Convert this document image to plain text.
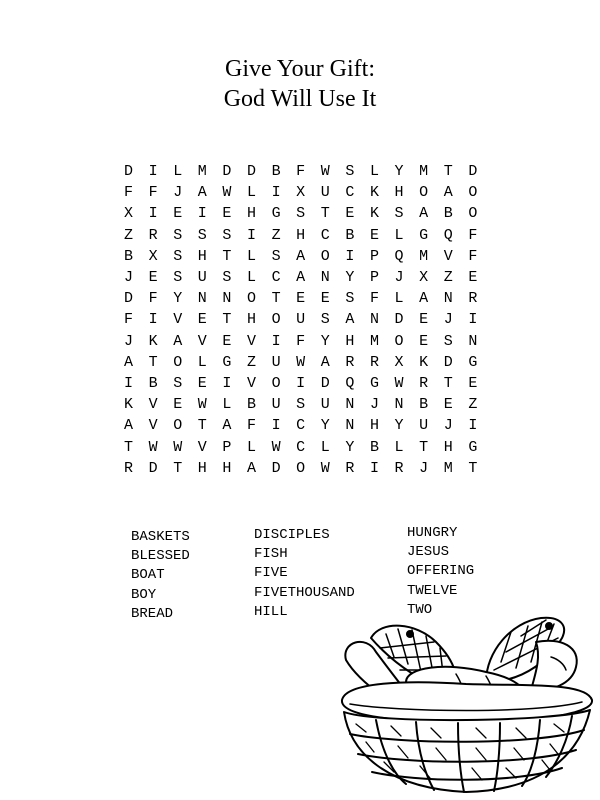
Give Your Gift:
God Will Use It
D	I	L	M	D	D	B	F	W	S	L	Y	M	T	D
F	F	J	A	W	L	I	X	U	C	K	H	O	A	O
X	I	E	I	E	H	G	S	T	E	K	S	A	B	O
Z	R	S	S	S	I	Z	H	C	B	E	L	G	Q	F
B	X	S	H	T	L	S	A	O	I	P	Q	M	V	F
J	E	S	U	S	L	C	A	N	Y	P	J	X	Z	E
D	F	Y	N	N	O	T	E	E	S	F	L	A	N	R
F	I	V	E	T	H	O	U	S	A	N	D	E	J	I
J	K	A	V	E	V	I	F	Y	H	M	O	E	S	N
A	T	O	L	G	Z	U	W	A	R	R	X	K	D	G
I	B	S	E	I	V	O	I	D	Q	G	W	R	T	E
K	V	E	W	L	B	U	S	U	N	J	N	B	E	Z
A	V	O	T	A	F	I	C	Y	N	H	Y	U	J	I
T	W	W	V	P	L	W	C	L	Y	B	L	T	H	G
R	D	T	H	H	A	D	O	W	R	I	R	J	M	T
BASKETS
BLESSED
BOAT
BOY
BREAD
DISCIPLES
FISH
FIVE
FIVETHOUSAND
HILL
HUNGRY
JESUS
OFFERING
TWELVE
TWO
